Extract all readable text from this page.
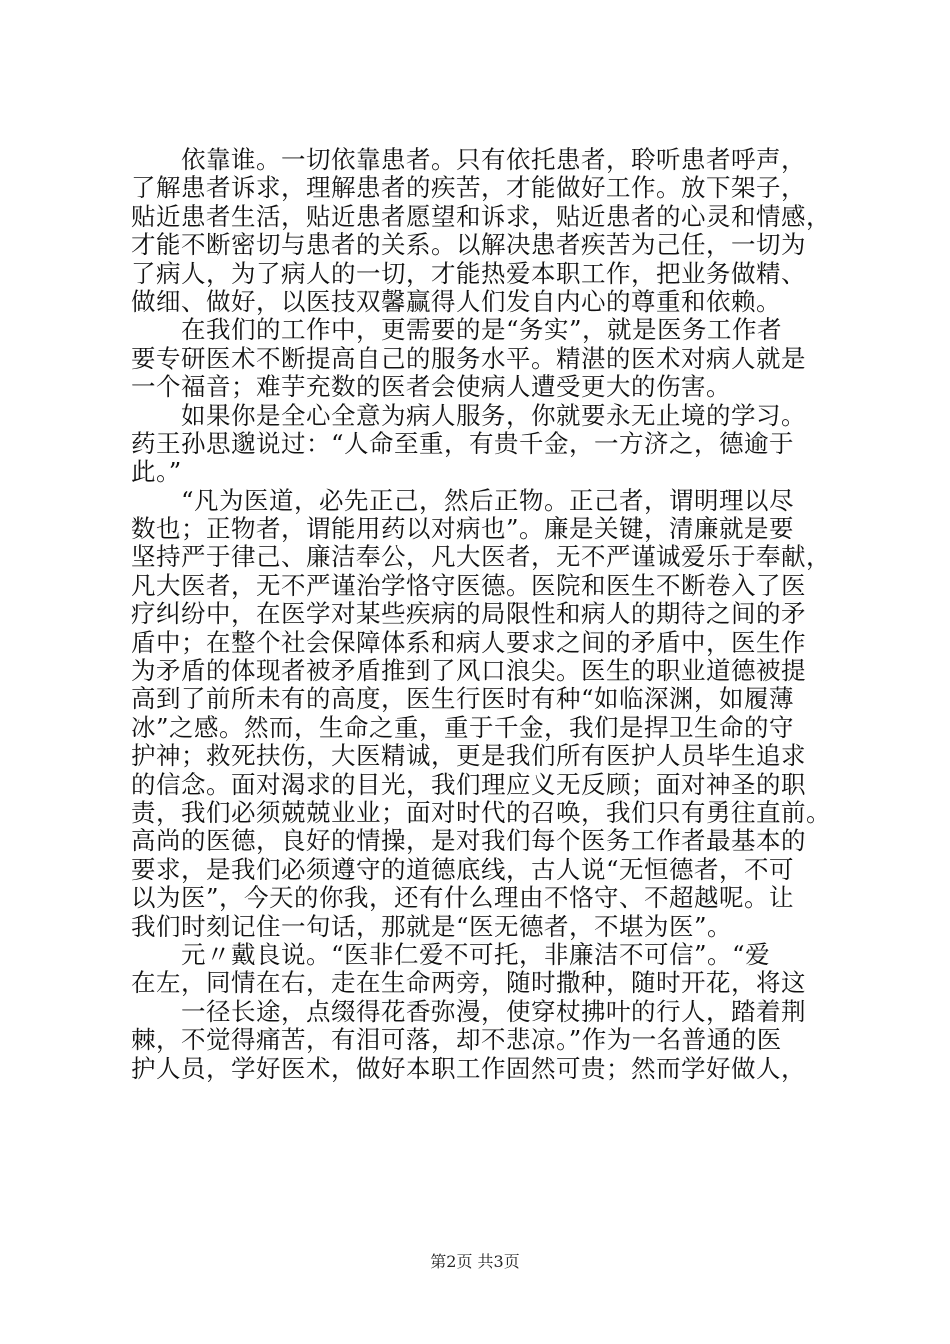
依靠谁。一切依靠患者。只有依托患者，聆听患者呼声，
了解患者诉求，理解患者的疾苦，才能做好工作。放下架子，
贴近患者生活，贴近患者愿望和诉求，贴近患者的心灵和情感，
才能不断密切与患者的关系。以解决患者疾苦为己任，一切为
了病人，为了病人的一切，才能热爱本职工作，把业务做精、
做细、做好，以医技双馨赢得人们发自内心的尊重和依赖。
在我们的工作中，更需要的是“务实”，就是医务工作者
要专研医术不断提高自己的服务水平。精湛的医术对病人就是
一个福音；难芋充数的医者会使病人遭受更大的伤害。
如果你是全心全意为病人服务，你就要永无止境的学习。
药王孙思邈说过：“人命至重，有贵千金，一方济之，德逾于
此。”
“凡为医道，必先正己，然后正物。正己者，谓明理以尽
数也；正物者，谓能用药以对病也”。廉是关键，清廉就是要
坚持严于律己、廉洁奉公，凡大医者，无不严谨诚爱乐于奉献，
凡大医者，无不严谨治学恪守医德。医院和医生不断卷入了医
疗纠纷中，在医学对某些疾病的局限性和病人的期待之间的矛
盾中；在整个社会保障体系和病人要求之间的矛盾中，医生作
为矛盾的体现者被矛盾推到了风口浪尖。医生的职业道德被提
高到了前所未有的高度，医生行医时有种“如临深渊，如履薄
冰”之感。然而，生命之重，重于千金，我们是捍卫生命的守
护神；救死扶伤，大医精诚，更是我们所有医护人员毕生追求
的信念。面对渴求的目光，我们理应义无反顾；面对神圣的职
责，我们必须兢兢业业；面对时代的召唤，我们只有勇往直前。
高尚的医德，良好的情操，是对我们每个医务工作者最基本的
要求，是我们必须遵守的道德底线，古人说“无恒德者，不可
以为医”，今天的你我，还有什么理由不恪守、不超越呢。让
我们时刻记住一句话，那就是“医无德者，不堪为医”。
元〃戴良说。“医非仁爱不可托，非廉洁不可信”。“爱
在左，同情在右，走在生命两旁，随时撒种，随时开花，将这
一径长途，点缀得花香弥漫，使穿杖拂叶的行人，踏着荆
棘，不觉得痛苦，有泪可落，却不悲凉。”作为一名普通的医
护人员，学好医术，做好本职工作固然可贵；然而学好做人，
第2页 共3页
